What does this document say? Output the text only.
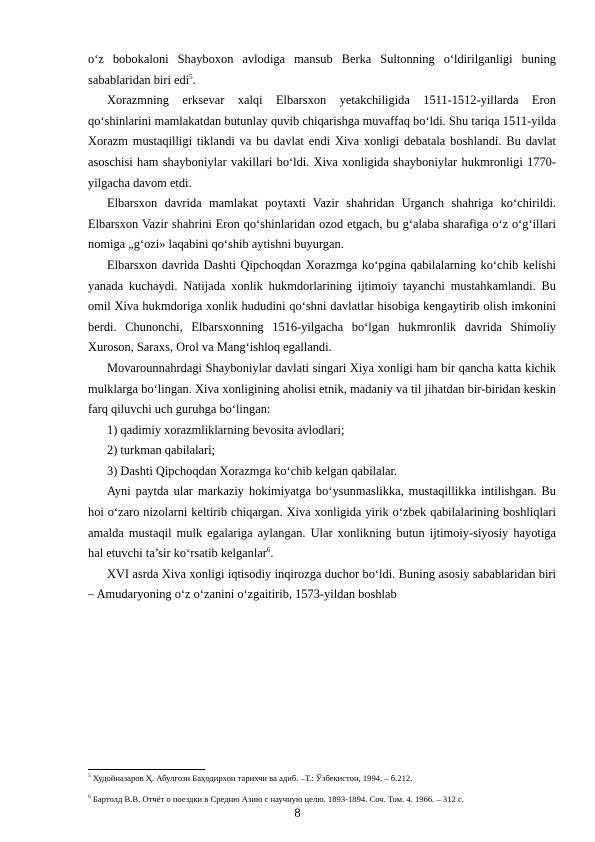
o‘z bobokaloni Shayboxon avlodiga mansub Berka Sultonning o‘ldirilganligi buning sabablaridan biri edi$^5$.

Xorazmning erksevar xalqi Elbarsxon yetakchiligida 1511-1512-yillarda Eron qo‘shinlarini mamlakatdan butunlay quvib chiqarishga muvaffaq bo‘ldi. Shu tariqa 1511-yilda Xorazm mustaqilligi tiklandi va bu davlat endi Xiva xonligi debatala boshlandi. Bu davlat asoschisi ham shayboniylar vakillari bo‘ldi. Xiva xonligida shayboniylar hukmronligi 1770-yilgacha davom etdi.

Elbarsxon davrida mamlakat poytaxti Vazir shahridan Urganch shahriga ko‘chirildi. Elbarsxon Vazir shahrini Eron qo‘shinlaridan ozod etgach, bu g‘alaba sharafiga o‘z o‘g‘illari nomiga „g‘ozi» laqabini qo‘shib aytishni buyurgan.

Elbarsxon davrida Dashti Qipchoqdan Xorazmga ko‘pgina qabilalarning ko‘chib kelishi yanada kuchaydi. Natijada xonlik hukmdorlarining ijtimoiy tayanchi mustahkamlandi. Bu omil Xiva hukmdoriga xonlik hududini qo‘shni davlatlar hisobiga kengaytirib olish imkonini berdi. Chunonchi, Elbarsxonning 1516-yilgacha bo‘lgan hukmronlik davrida Shimoliy Xuroson, Saraxs, Orol va Mang‘ishloq egallandi.

Movarounnahrdagi Shayboniylar davlati singari Xiya xonligi ham bir qancha katta kichik mulklarga bo‘lingan. Xiva xonligining aholisi etnik, madaniy va til jihatdan bir-biridan keskin farq qiluvchi uch guruhga bo‘lingan:

1) qadimiy xorazmliklarning bevosita avlodlari;

2) turkman qabilalari;

3) Dashti Qipchoqdan Xorazmga ko‘chib kelgan qabilalar.

Ayni paytda ular markaziy hokimiyatga bo‘ysunmaslikka, mustaqillikka intilishgan. Bu hoi o‘zaro nizolarni keltirib chiqargan. Xiva xonligida yirik o‘zbek qabilalarining boshliqlari amalda mustaqil mulk egalariga aylangan. Ular xonlikning butun ijtimoiy-siyosiy hayotiga hal etuvchi ta’sir ko‘rsatib kelganlar$^6$.

XVI asrda Xiva xonligi iqtisodiy inqirozga duchor bo‘ldi. Buning asosiy sabablaridan biri – Amudaryoning o‘z o‘zanini o‘zgaitirib, 1573-yildan boshlab

$^5$ Худойназаров Ҳ. Абулғози Баҳодирхон тарихчи ва адиб. –Т.: Ўзбекистон, 1994. – б.212.
$^6$ Бартолд В.В. Отчёт о поездки в Средню Азию с научную целю. 1893-1894. Соч. Том. 4. 1966. – 312 с.
8
